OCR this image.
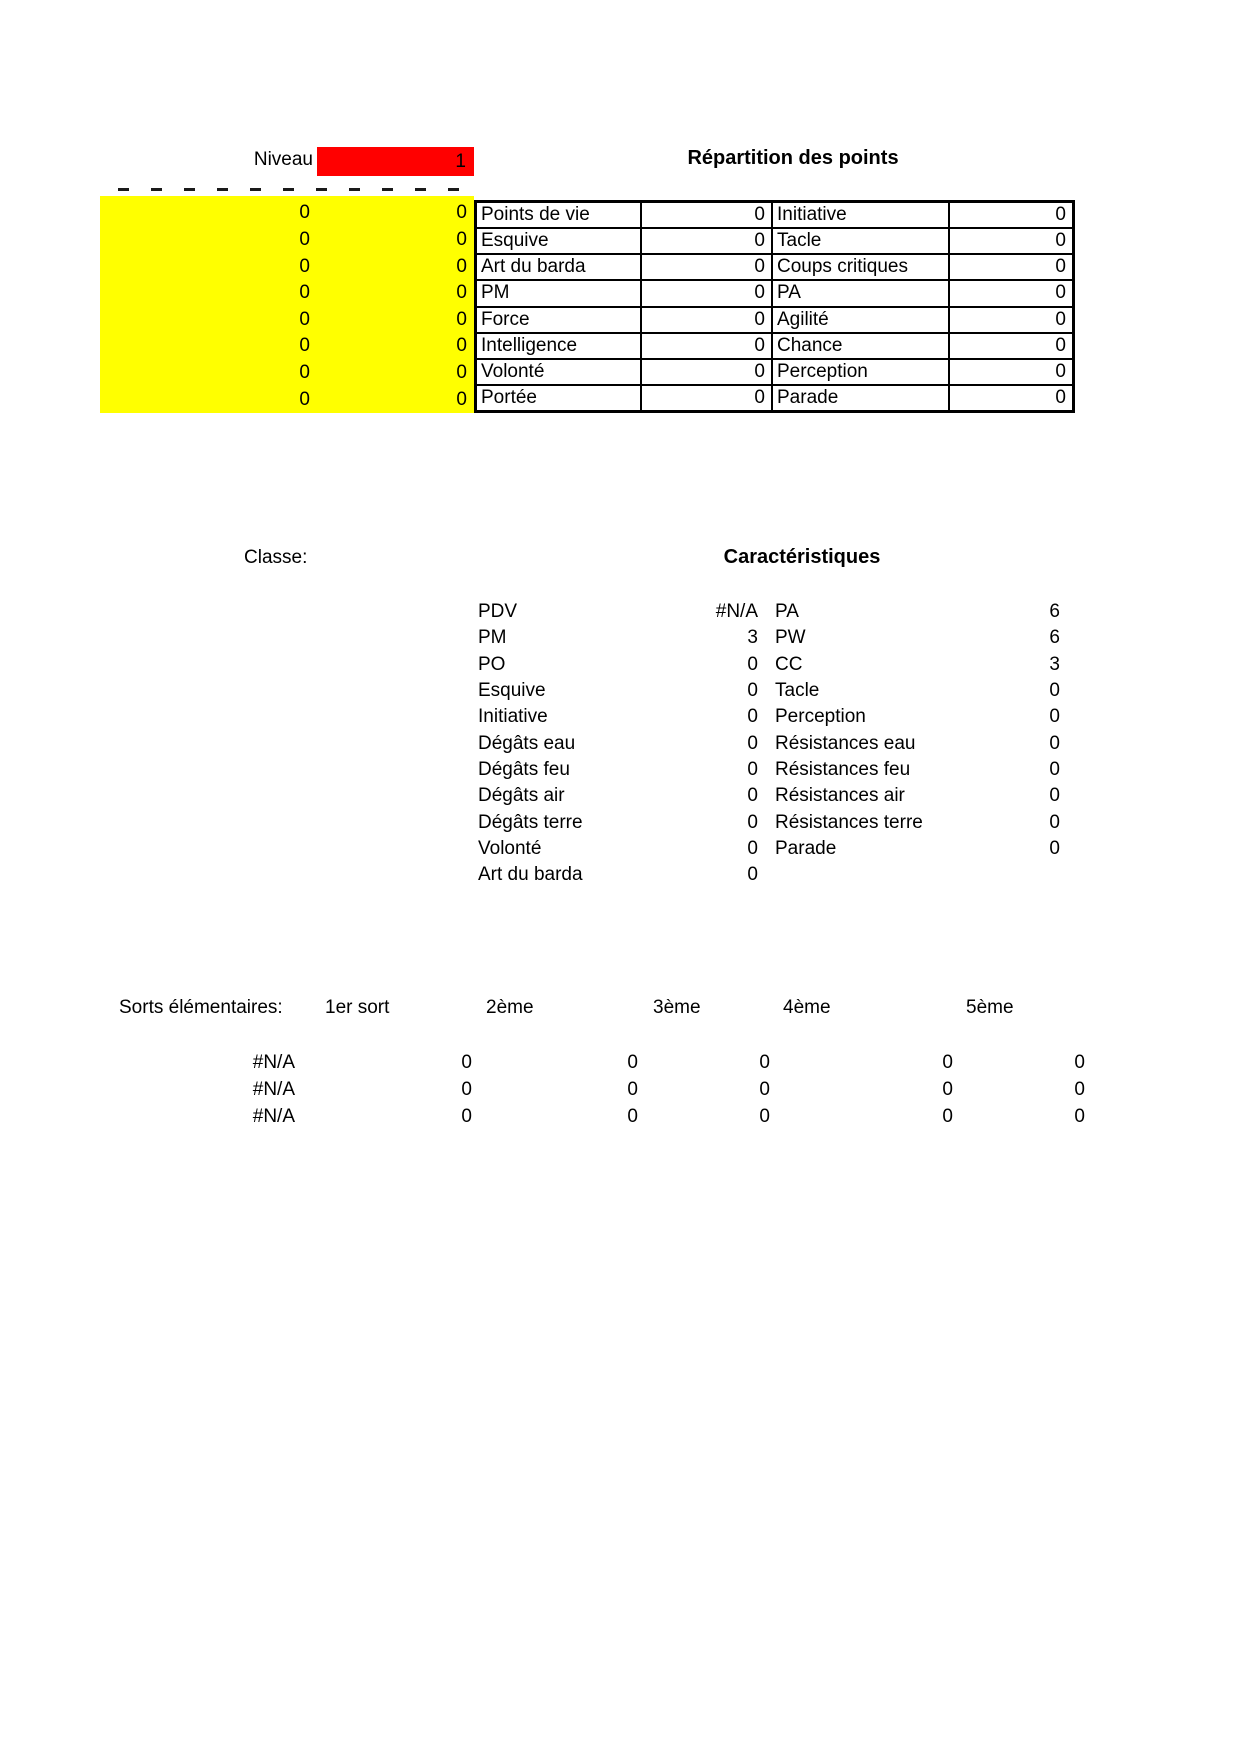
Niveau	1	Répartition des points
0	0
0	0
0	0
0	0
0	0
0	0
0	0
0	0
Points de vie	0 Initiative	0
Esquive	0 Tacle	0
Art du barda	0 Coups critiques	0
PM	0 PA	0
Force	0 Agilité	0
Intelligence	0 Chance	0
Volonté	0 Perception	0
Portée	0 Parade	0
Classe:	Caractéristiques
PDV	#N/A PA	6
PM	3 PW	6
PO	0 CC	3
Esquive	0 Tacle	0
Initiative	0 Perception	0
Dégâts eau	0 Résistances eau	0
Dégâts feu	0 Résistances feu	0
Dégâts air	0 Résistances air	0
Dégâts terre	0 Résistances terre	0
Volonté	0 Parade	0
Art du barda	0
Sorts élémentaires: 1er sort	2ème	3ème	4ème	5ème
#N/A	0	0	0	0	0
#N/A	0	0	0	0	0
#N/A	0	0	0	0	0
